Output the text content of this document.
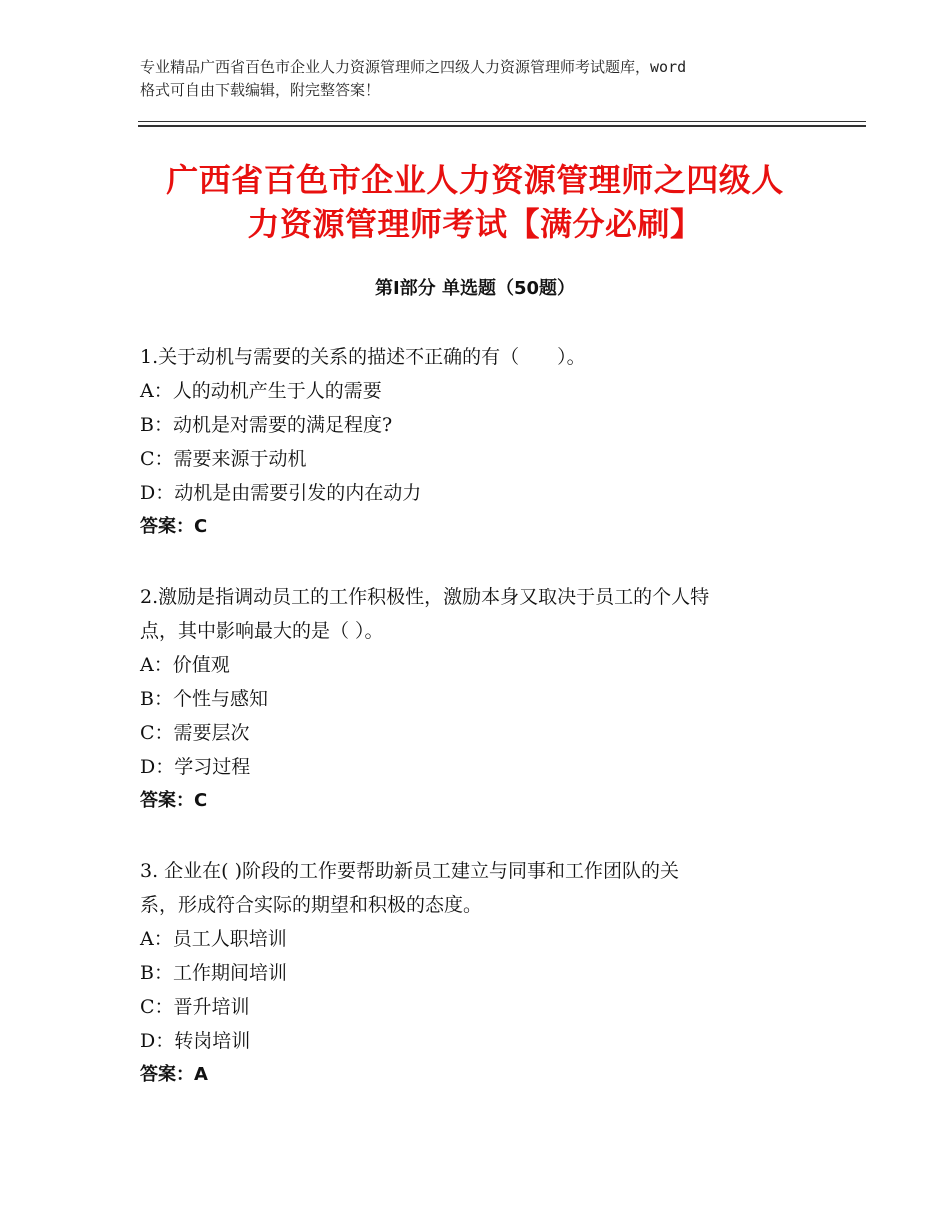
专业精品广西省百色市企业人力资源管理师之四级人力资源管理师考试题库，word
格式可自由下载编辑，附完整答案！
广西省百色市企业人力资源管理师之四级人
力资源管理师考试【满分必刷】
第Ⅰ部分 单选题（50题）
1.关于动机与需要的关系的描述不正确的有（　　）。
A：人的动机产生于人的需要
B：动机是对需要的满足程度?
C：需要来源于动机
D：动机是由需要引发的内在动力
答案：C
2.激励是指调动员工的工作积极性，激励本身又取决于员工的个人特
点，其中影响最大的是（ ）。
A：价值观
B：个性与感知
C：需要层次
D：学习过程
答案：C
3. 企业在( )阶段的工作要帮助新员工建立与同事和工作团队的关
系，形成符合实际的期望和积极的态度。
A：员工人职培训
B：工作期间培训
C：晋升培训
D：转岗培训
答案：A
